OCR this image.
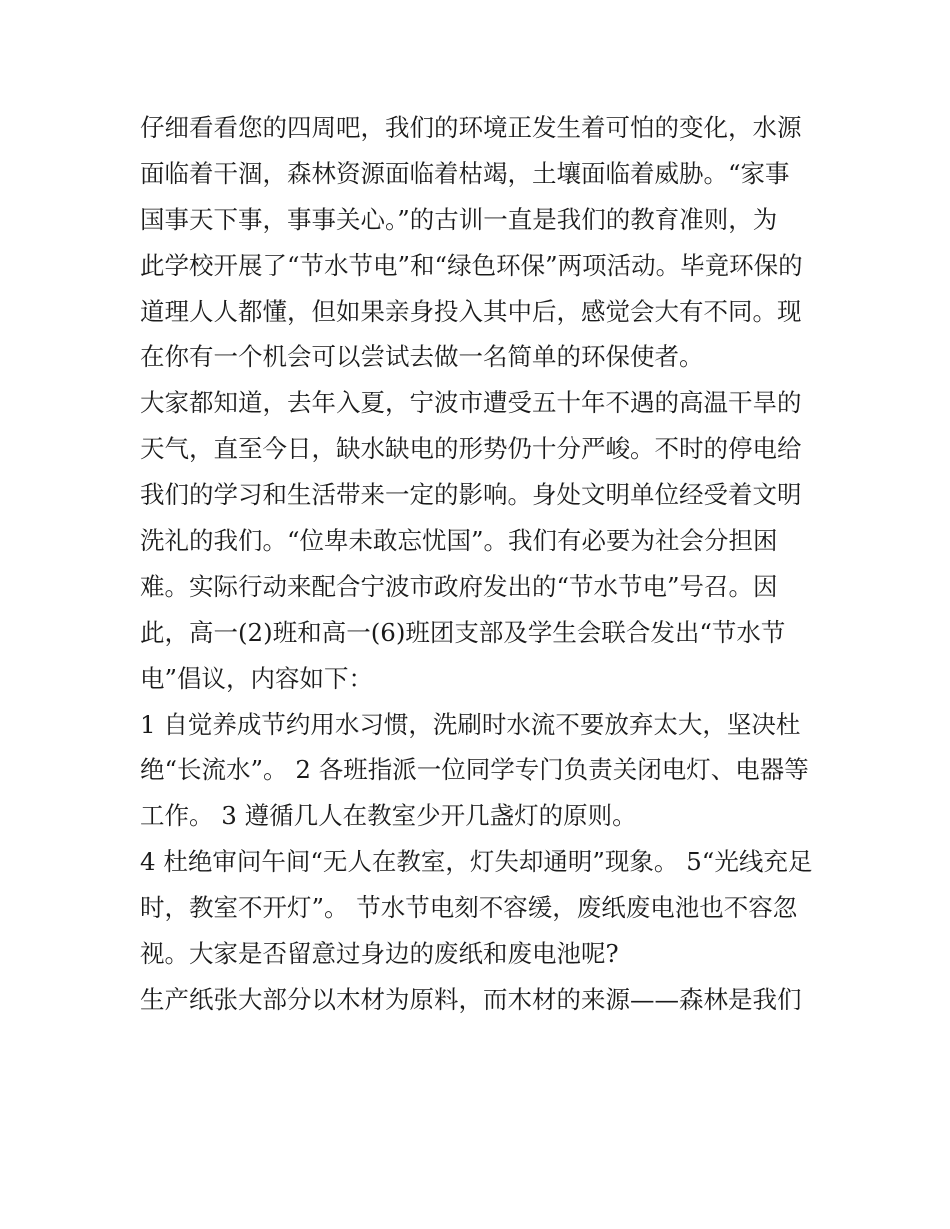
仔细看看您的四周吧，我们的环境正发生着可怕的变化，水源
面临着干涸，森林资源面临着枯竭，土壤面临着威胁。“家事
国事天下事，事事关心。”的古训一直是我们的教育准则，为
此学校开展了“节水节电”和“绿色环保”两项活动。毕竟环保的
道理人人都懂，但如果亲身投入其中后，感觉会大有不同。现
在你有一个机会可以尝试去做一名简单的环保使者。
大家都知道，去年入夏，宁波市遭受五十年不遇的高温干旱的
天气，直至今日，缺水缺电的形势仍十分严峻。不时的停电给
我们的学习和生活带来一定的影响。身处文明单位经受着文明
洗礼的我们。“位卑未敢忘忧国”。我们有必要为社会分担困
难。实际行动来配合宁波市政府发出的“节水节电”号召。因
此，高一(2)班和高一(6)班团支部及学生会联合发出“节水节
电”倡议，内容如下：
1 自觉养成节约用水习惯，洗刷时水流不要放弃太大，坚决杜
绝“长流水”。 2 各班指派一位同学专门负责关闭电灯、电器等
工作。 3 遵循几人在教室少开几盏灯的原则。
4 杜绝审问午间“无人在教室，灯失却通明”现象。 5“光线充足
时，教室不开灯”。 节水节电刻不容缓，废纸废电池也不容忽
视。大家是否留意过身边的废纸和废电池呢?
生产纸张大部分以木材为原料，而木材的来源——森林是我们
